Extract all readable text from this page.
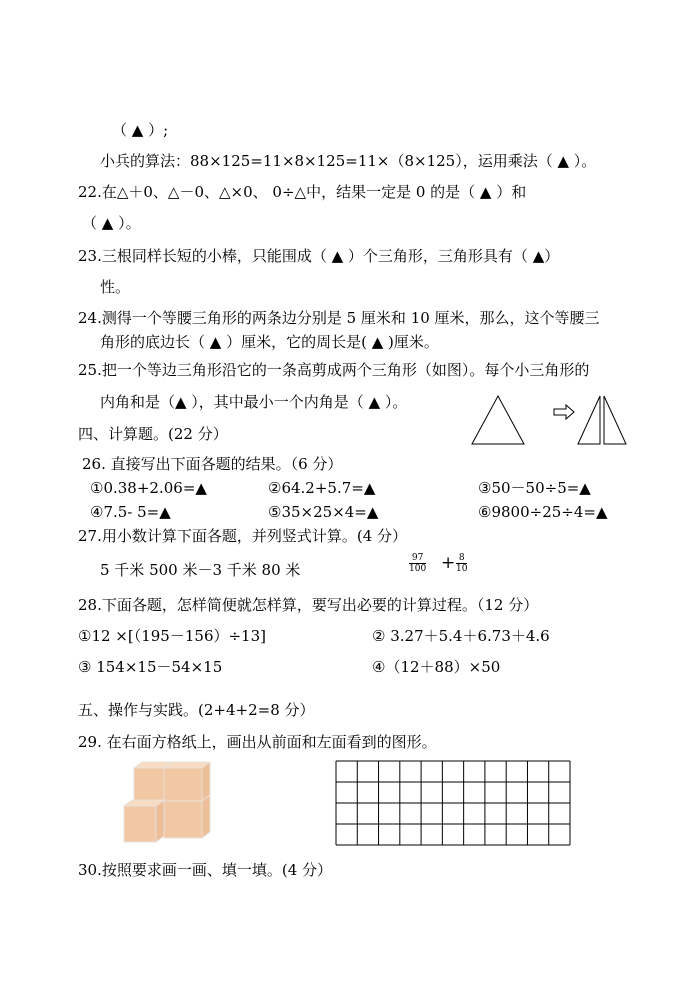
（ ▲ ）;
小兵的算法：88×125=11×8×125=11×（8×125），运用乘法（ ▲ ）。
22.在△＋0、△－0、△×0、 0÷△中，结果一定是 0 的是（ ▲ ）和
（ ▲ ）。
23.三根同样长短的小棒，只能围成（ ▲ ）个三角形，三角形具有（ ▲）
性。
24.测得一个等腰三角形的两条边分别是 5 厘米和 10 厘米，那么，这个等腰三
角形的底边长（ ▲ ）厘米，它的周长是( ▲ )厘米。
25.把一个等边三角形沿它的一条高剪成两个三角形（如图）。每个小三角形的
内角和是（▲ ），其中最小一个内角是（ ▲ ）。
四、计算题。(22 分）
26. 直接写出下面各题的结果。（6 分）
①0.38+2.06=▲	②64.2+5.7=▲	③50－50÷5=▲
④7.5- 5=▲	⑤35×25×4=▲	⑥9800÷25÷4=▲
27.用小数计算下面各题，并列竖式计算。(4 分）
5 千米 500 米－3 千米 80 米	$\frac{97}{100} + \frac{8}{10}$
28.下面各题，怎样简便就怎样算，要写出必要的计算过程。（12 分）
①12 ×[（195－156）÷13]	② 3.27＋5.4＋6.73＋4.6
③ 154×15－54×15	④（12＋88）×50
五、操作与实践。(2+4+2=8 分）
29. 在右面方格纸上，画出从前面和左面看到的图形。
30.按照要求画一画、填一填。(4 分）
